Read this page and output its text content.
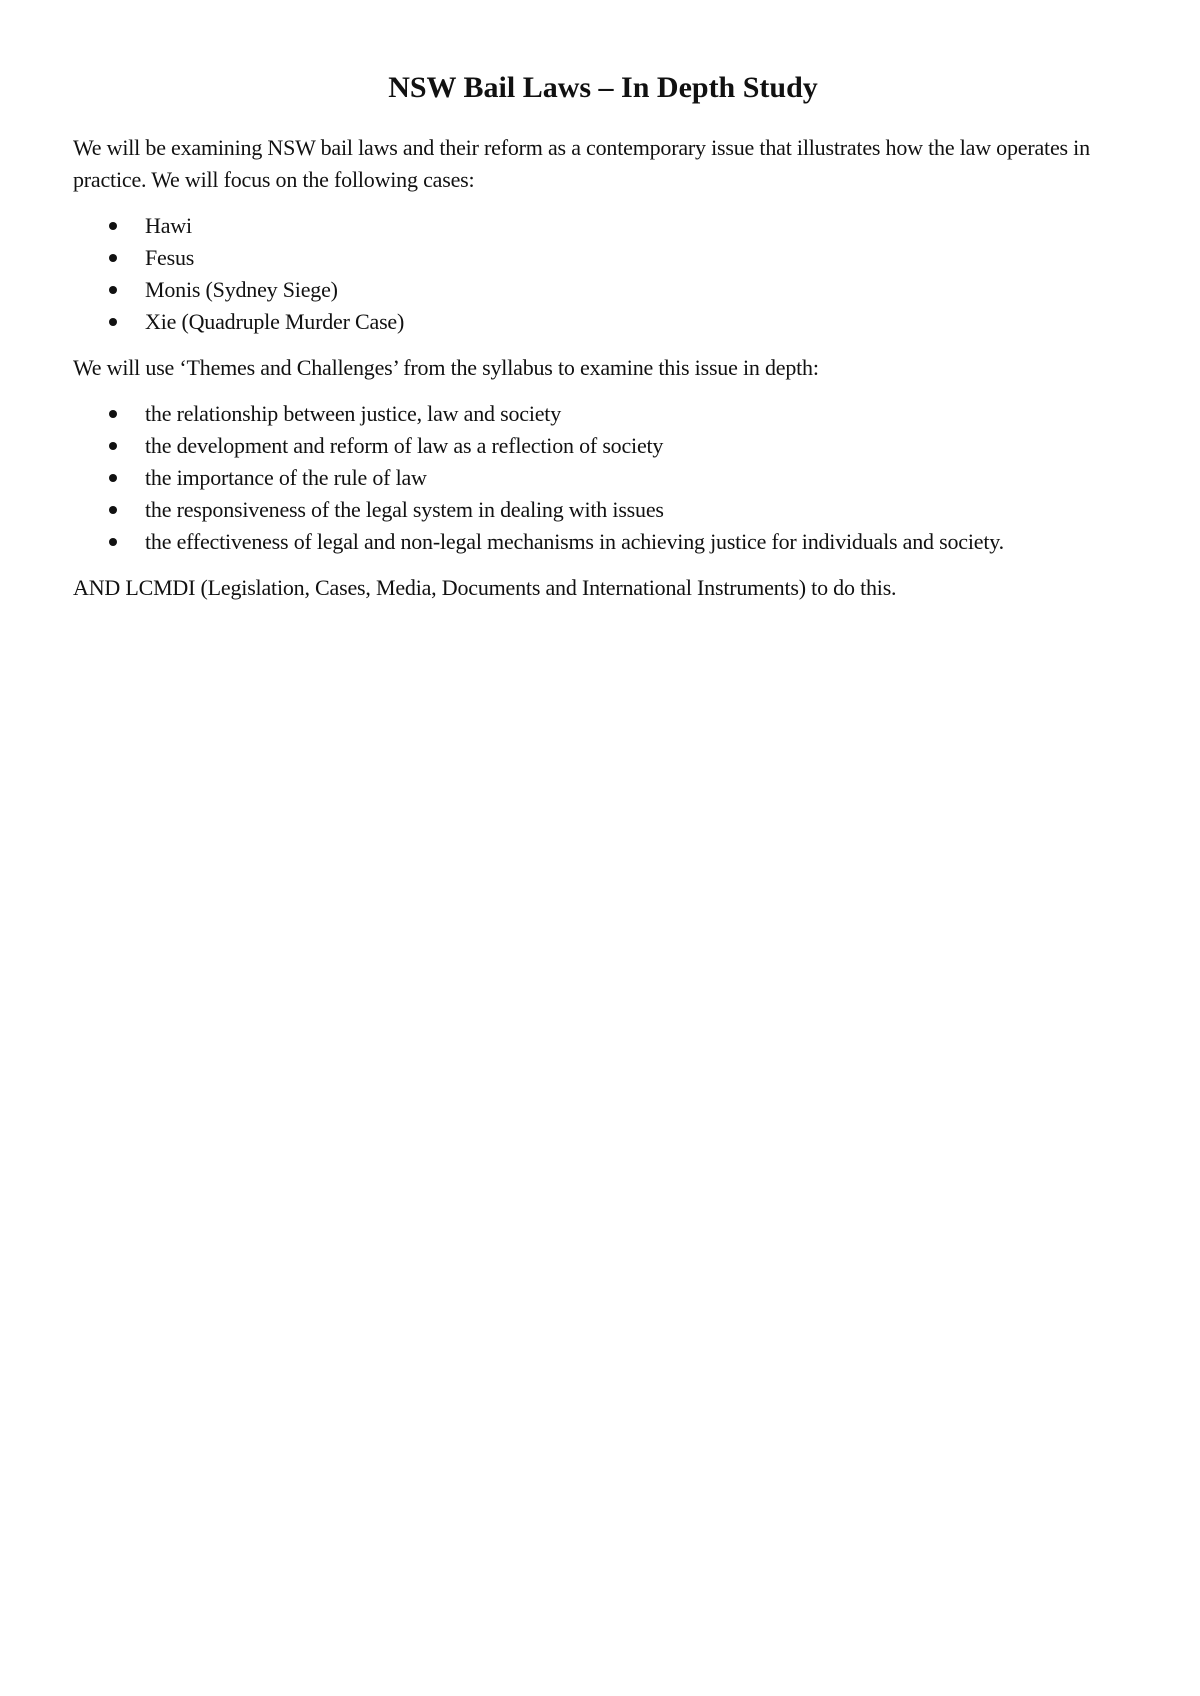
NSW Bail Laws – In Depth Study

We will be examining NSW bail laws and their reform as a contemporary issue that illustrates how the law operates in practice. We will focus on the following cases:

Hawi
Fesus
Monis (Sydney Siege)
Xie (Quadruple Murder Case)

We will use ‘Themes and Challenges’ from the syllabus to examine this issue in depth:

the relationship between justice, law and society
the development and reform of law as a reflection of society
the importance of the rule of law
the responsiveness of the legal system in dealing with issues
the effectiveness of legal and non-legal mechanisms in achieving justice for individuals and society.

AND LCMDI (Legislation, Cases, Media, Documents and International Instruments) to do this.
